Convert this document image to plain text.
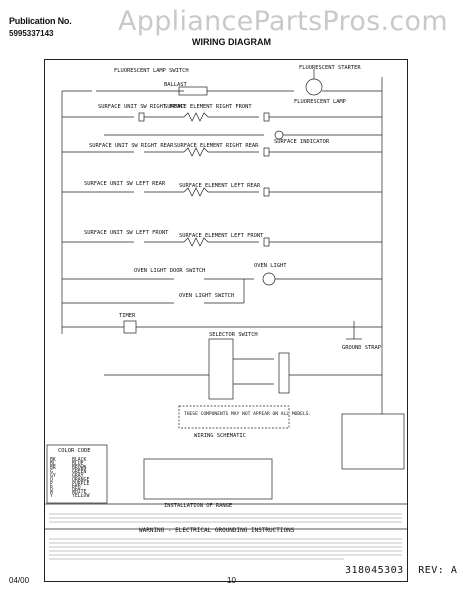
Publication No.
5995337143 AppliancePartsPros.com
WIRING DIAGRAM
FLUORESCENT LAMP SWITCH
BALLAST
FLUORESCENT STARTER
FLUORESCENT LAMP
SURFACE UNIT SW RIGHT FRONT
SURFACE ELEMENT RIGHT FRONT
SURFACE INDICATOR
SURFACE UNIT SW RIGHT REAR SURFACE ELEMENT RIGHT REAR
SURFACE UNIT SW LEFT REAR	SURFACE ELEMENT LEFT REAR
SURFACE UNIT SW LEFT FRONT SURFACE ELEMENT LEFT FRONT
OVEN LIGHT
OVEN LIGHT DOOR SWITCH
OVEN LIGHT SWITCH
TIMER
SELECTOR SWITCH
GROUND STRAP
THESE COMPONENTS MAY NOT APPEAR ON ALL MODELS.
WIRING SCHEMATIC
COLOR CODE
INSTALLATION OF RANGE
WARNING - ELECTRICAL GROUNDING INSTRUCTIONS
BK	BLACK
BL	BLUE
BR	BROWN
G	GREEN
GY	GRAY
O	ORANGE
P	PURPLE
R	RED
W	WHITE
Y	YELLOW
318045303 REV: A
04/00	10
